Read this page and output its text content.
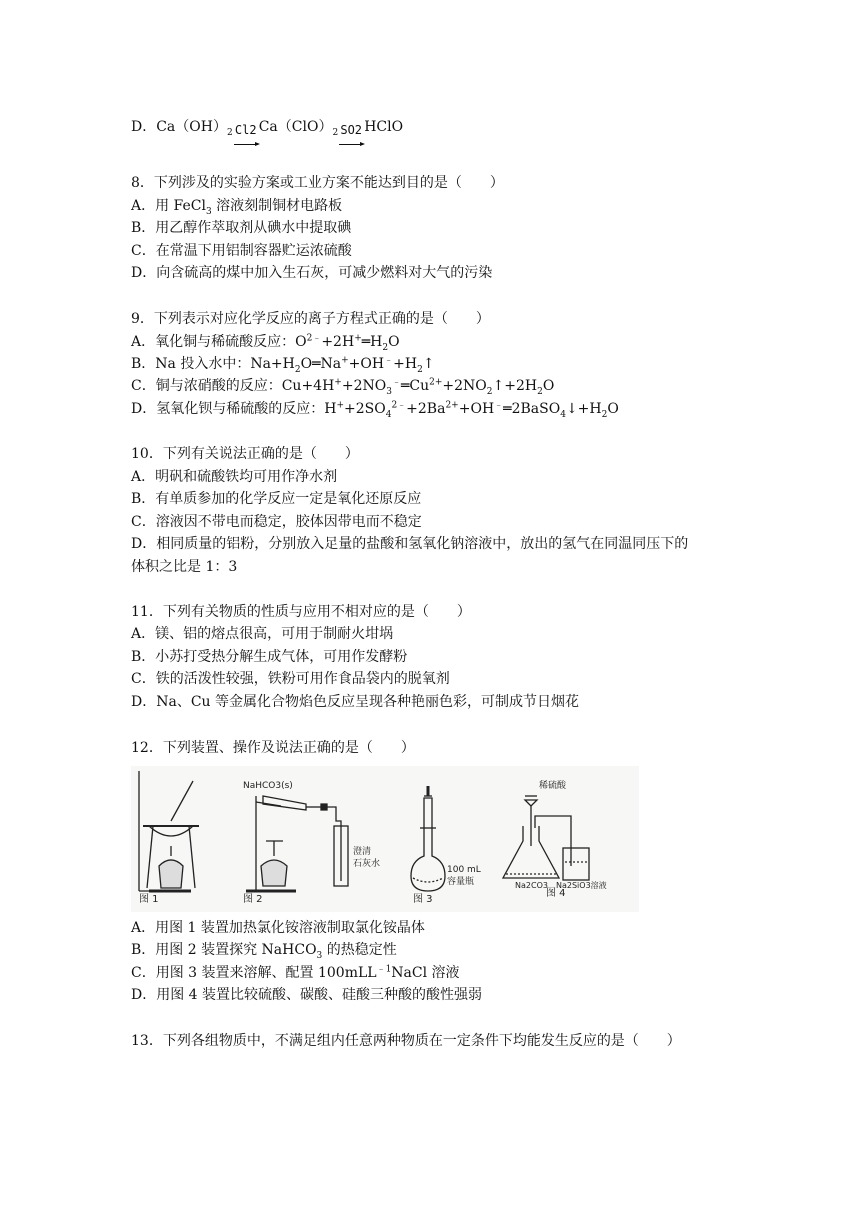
D．$Ca(OH)_2$ Cl2 $Ca(ClO)_2$ SO2 HClO
8．下列涉及的实验方案或工业方案不能达到目的是（　　）
A．用 FeCl$_3$ 溶液刻制铜材电路板
B．用乙醇作萃取剂从碘水中提取碘
C．在常温下用铝制容器贮运浓硫酸
D．向含硫高的煤中加入生石灰，可减少燃料对大气的污染
9．下列表示对应化学反应的离子方程式正确的是（　　）
A．氧化铜与稀硫酸反应：$O^{2﹣}+2H^+═H_2O$
B．Na 投入水中：$Na+H_2O═Na^++OH^﹣+H_2↑$
C．铜与浓硝酸的反应：$Cu+4H^++2NO_3^﹣═Cu^{2+}+2NO_2↑+2H_2O$
D．氢氧化钡与稀硫酸的反应：$H^++2SO_4^{2﹣}+2Ba^{2+}+OH^﹣═2BaSO_4↓+H_2O$
10．下列有关说法正确的是（　　）
A．明矾和硫酸铁均可用作净水剂
B．有单质参加的化学反应一定是氧化还原反应
C．溶液因不带电而稳定，胶体因带电而不稳定
D．相同质量的铝粉，分别放入足量的盐酸和氢氧化钠溶液中，放出的氢气在同温同压下的
体积之比是 1：3
11．下列有关物质的性质与应用不相对应的是（　　）
A．镁、铝的熔点很高，可用于制耐火坩埚
B．小苏打受热分解生成气体，可用作发酵粉
C．铁的活泼性较强，铁粉可用作食品袋内的脱氧剂
D．Na、Cu 等金属化合物焰色反应呈现各种艳丽色彩，可制成节日烟花
12．下列装置、操作及说法正确的是（　　）
图 1	图 2	图 3
图 4
NaHCO3(s)
澄清
石灰水
100 mL
容量瓶
稀硫酸
Na2CO3 Na2SiO3溶液
A．用图 1 装置加热氯化铵溶液制取氯化铵晶体
B．用图 2 装置探究 NaHCO$_3$ 的热稳定性
C．用图 3 装置来溶解、配置 100mLL$^{﹣1}$NaCl 溶液
D．用图 4 装置比较硫酸、碳酸、硅酸三种酸的酸性强弱
13．下列各组物质中，不满足组内任意两种物质在一定条件下均能发生反应的是（　　）
